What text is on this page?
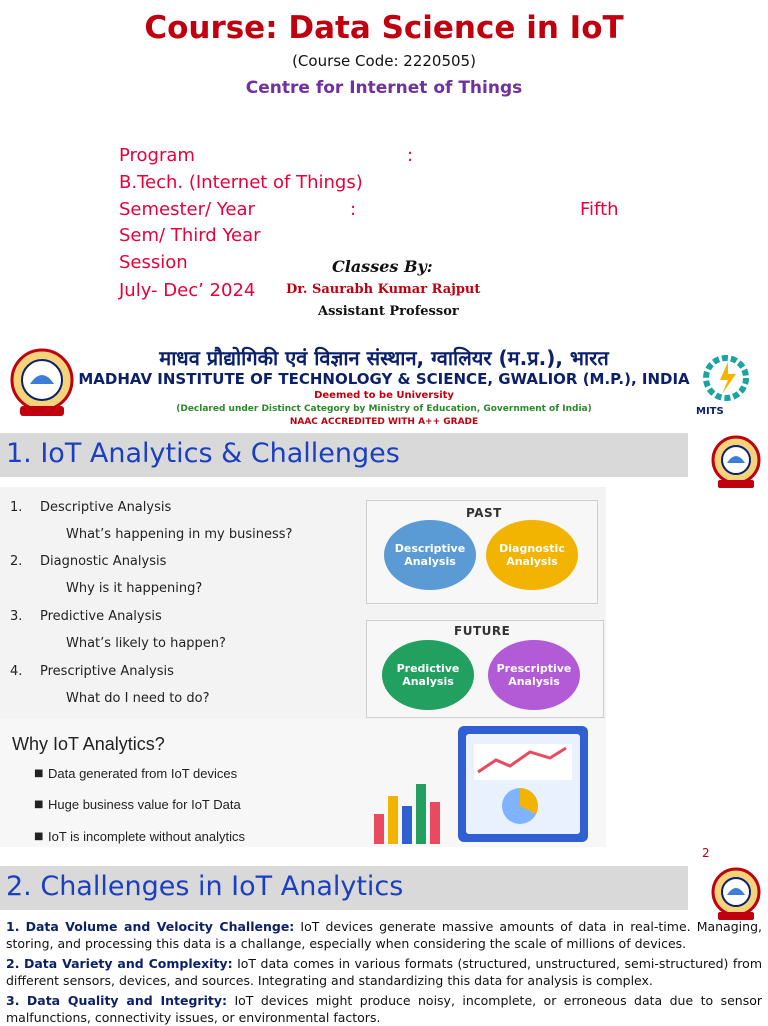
Course: Data Science in IoT
(Course Code: 2220505)
Centre for Internet of Things
Program	:
B.Tech. (Internet of Things)
Semester/ Year	:	Fifth
Sem/ Third Year
Session
July- Dec’ 2024
Classes By:
Dr. Saurabh Kumar Rajput
Assistant Professor
माधव प्रौद्योगिकी एवं विज्ञान संस्थान, ग्वालियर (म.प्र.), भारत
MADHAV INSTITUTE OF TECHNOLOGY & SCIENCE, GWALIOR (M.P.), INDIA
Deemed to be University
(Declared under Distinct Category by Ministry of Education, Government of India)
NAAC ACCREDITED WITH A++ GRADE
MITS
1. IoT Analytics & Challenges
1. Descriptive Analysis
What’s happening in my business?
2. Diagnostic Analysis
Why is it happening?
3. Predictive Analysis
What’s likely to happen?
4. Prescriptive Analysis
What do I need to do?
PAST
Descriptive Analysis
Diagnostic Analysis
FUTURE
Predictive Analysis
Prescriptive Analysis
Why IoT Analytics?
■ Data generated from IoT devices
■ Huge business value for IoT Data
■ IoT is incomplete without analytics
2
2. Challenges in IoT Analytics
1. Data Volume and Velocity Challenge: IoT devices generate massive amounts of data in real-time. Managing, storing, and processing this data is a challange, especially when considering the scale of millions of devices.
2. Data Variety and Complexity: IoT data comes in various formats (structured, unstructured, semi-structured) from different sensors, devices, and sources. Integrating and standardizing this data for analysis is complex.
3. Data Quality and Integrity: IoT devices might produce noisy, incomplete, or erroneous data due to sensor malfunctions, connectivity issues, or environmental factors.
